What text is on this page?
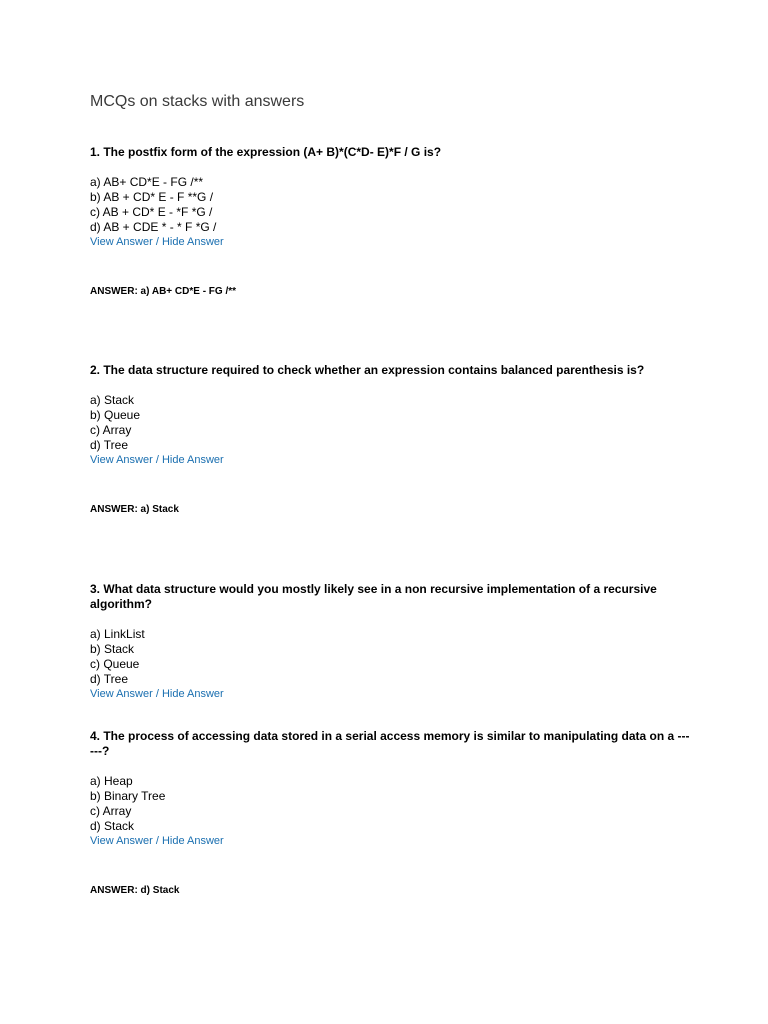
MCQs on stacks with answers

1. The postfix form of the expression (A+ B)*(C*D- E)*F / G is?

a) AB+ CD*E - FG /**
b) AB + CD* E - F **G /
c) AB + CD* E - *F *G /
d) AB + CDE * - * F *G /
View Answer / Hide Answer
ANSWER: a) AB+ CD*E - FG /**

2. The data structure required to check whether an expression contains balanced parenthesis is?

a) Stack
b) Queue
c) Array
d) Tree
View Answer / Hide Answer
ANSWER: a) Stack

3. What data structure would you mostly likely see in a non recursive implementation of a recursive algorithm?

a) LinkList
b) Stack
c) Queue
d) Tree
View Answer / Hide Answer

4. The process of accessing data stored in a serial access memory is similar to manipulating data on a ------?

a) Heap
b) Binary Tree
c) Array
d) Stack
View Answer / Hide Answer
ANSWER: d) Stack
